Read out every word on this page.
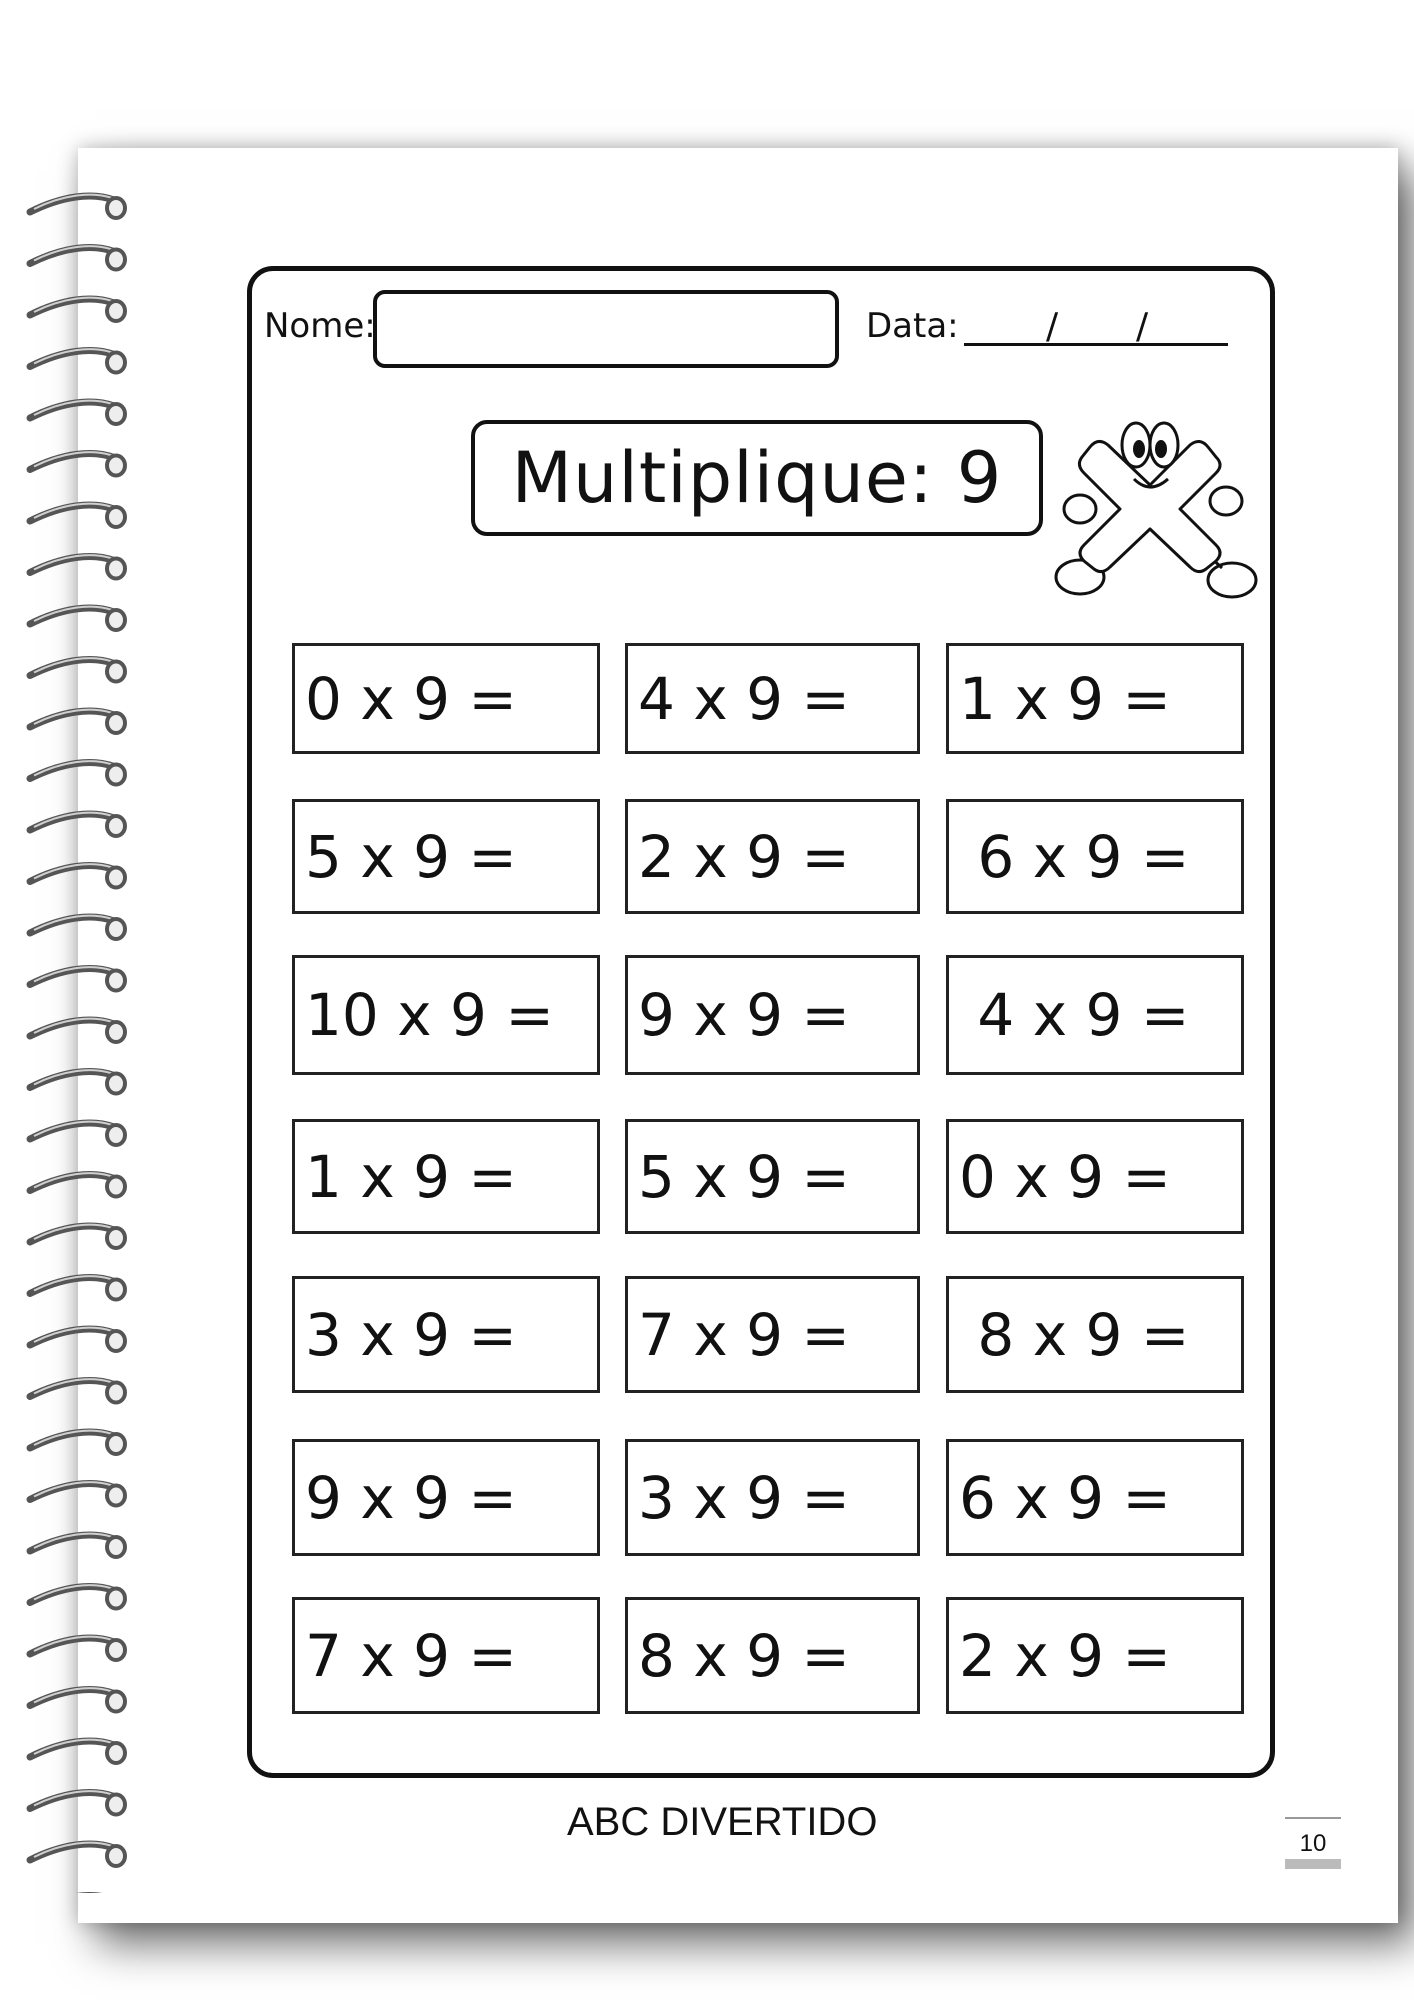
Nome:	Data: / /
Multiplique: 9
0 x 9 =	4 x 9 =	1 x 9 =
5 x 9 =	2 x 9 =	6 x 9 =
10 x 9 =	9 x 9 =	4 x 9 =
1 x 9 =	5 x 9 =	0 x 9 =
3 x 9 =	7 x 9 =	8 x 9 =
9 x 9 =	3 x 9 =	6 x 9 =
7 x 9 =	8 x 9 =	2 x 9 =
ABC DIVERTIDO	10
